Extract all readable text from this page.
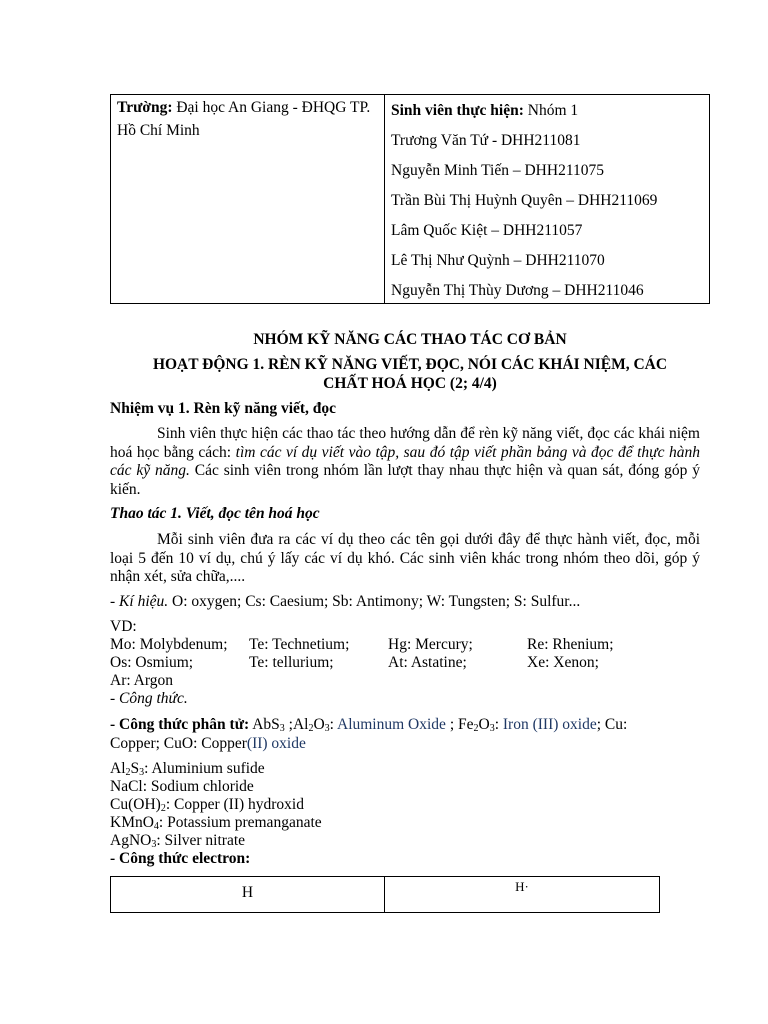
Trường: Đại học An Giang - ĐHQG TP. Hồ Chí Minh
Sinh viên thực hiện: Nhóm 1
Trương Văn Tứ - DHH211081
Nguyễn Minh Tiến – DHH211075
Trần Bùi Thị Huỳnh Quyên – DHH211069
Lâm Quốc Kiệt – DHH211057
Lê Thị Như Quỳnh – DHH211070
Nguyễn Thị Thùy Dương – DHH211046
NHÓM KỸ NĂNG CÁC THAO TÁC CƠ BẢN
HOẠT ĐỘNG 1. RÈN KỸ NĂNG VIẾT, ĐỌC, NÓI CÁC KHÁI NIỆM, CÁC
CHẤT HOÁ HỌC (2; 4/4)
Nhiệm vụ 1. Rèn kỹ năng viết, đọc
Sinh viên thực hiện các thao tác theo hướng dẫn để rèn kỹ năng viết, đọc các khái niệm hoá học bằng cách: tìm các ví dụ viết vào tập, sau đó tập viết phần bảng và đọc để thực hành các kỹ năng. Các sinh viên trong nhóm lần lượt thay nhau thực hiện và quan sát, đóng góp ý kiến.
Thao tác 1. Viết, đọc tên hoá học
Mỗi sinh viên đưa ra các ví dụ theo các tên gọi dưới đây để thực hành viết, đọc, mỗi loại 5 đến 10 ví dụ, chú ý lấy các ví dụ khó. Các sinh viên khác trong nhóm theo dõi, góp ý nhận xét, sửa chữa,....
- Kí hiệu. O: oxygen; Cs: Caesium; Sb: Antimony; W: Tungsten; S: Sulfur...
VD:
Mo: Molybdenum; Te: Technetium; Hg: Mercury;	Re: Rhenium;
Os: Osmium;	Te: tellurium;	At: Astatine;	Xe: Xenon;
Ar: Argon
- Công thức.
- Công thức phân tử: AbS$_3$ $;Al_2O_3$: Aluminum Oxide ; $Fe_2O_3$: Iron (III) oxide; Cu:
Copper; CuO: Copper(II) oxide
$Al_2S_3$: Aluminium sufide
NaCl: Sodium chloride
$Cu(OH)_2$: Copper (II) hydroxid
KMnO$_4$: Potassium premanganate
AgNO$_3$: Silver nitrate
- Công thức electron:
H	H·
